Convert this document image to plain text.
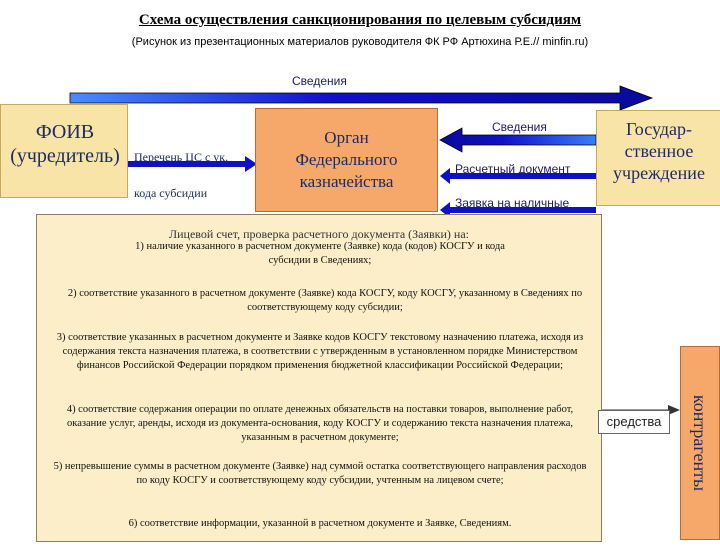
Схема осуществления санкционирования по целевым субсидиям
(Рисунок из презентационных материалов руководителя ФК РФ Артюхина Р.Е.// minfin.ru)
Сведения
Сведения
Расчетный документ
Заявка на наличные
ФОИВ
(учредитель)	Перечень ЦС с ук.
кода субсидии
Орган
Федерального
казначейства
Государ-
ственное
учреждение
Лицевой счет, проверка расчетного документа (Заявки) на:
1) наличие указанного в расчетном документе (Заявке) кода (кодов) КОСГУ и кода субсидии в Сведениях;
2) соответствие указанного в расчетном документе (Заявке) кода КОСГУ, коду КОСГУ, указанному в Сведениях по соответствующему коду субсидии;
3) соответствие указанных в расчетном документе и Заявке кодов КОСГУ текстовому назначению платежа, исходя из содержания текста назначения платежа, в соответствии с утвержденным в установленном порядке Министерством финансов Российской Федерации порядком применения бюджетной классификации Российской Федерации;
4) соответствие содержания операции по оплате денежных обязательств на поставки товаров, выполнение работ, оказание услуг, аренды, исходя из документа-основания, коду КОСГУ и содержанию текста назначения платежа, указанным в расчетном документе;
5) непревышение суммы в расчетном документе (Заявке) над суммой остатка соответствующего направления расходов по коду КОСГУ и соответствующему коду субсидии, учтенным на лицевом счете;
6) соответствие информации, указанной в расчетном документе и Заявке, Сведениям.
средства	контрагенты
